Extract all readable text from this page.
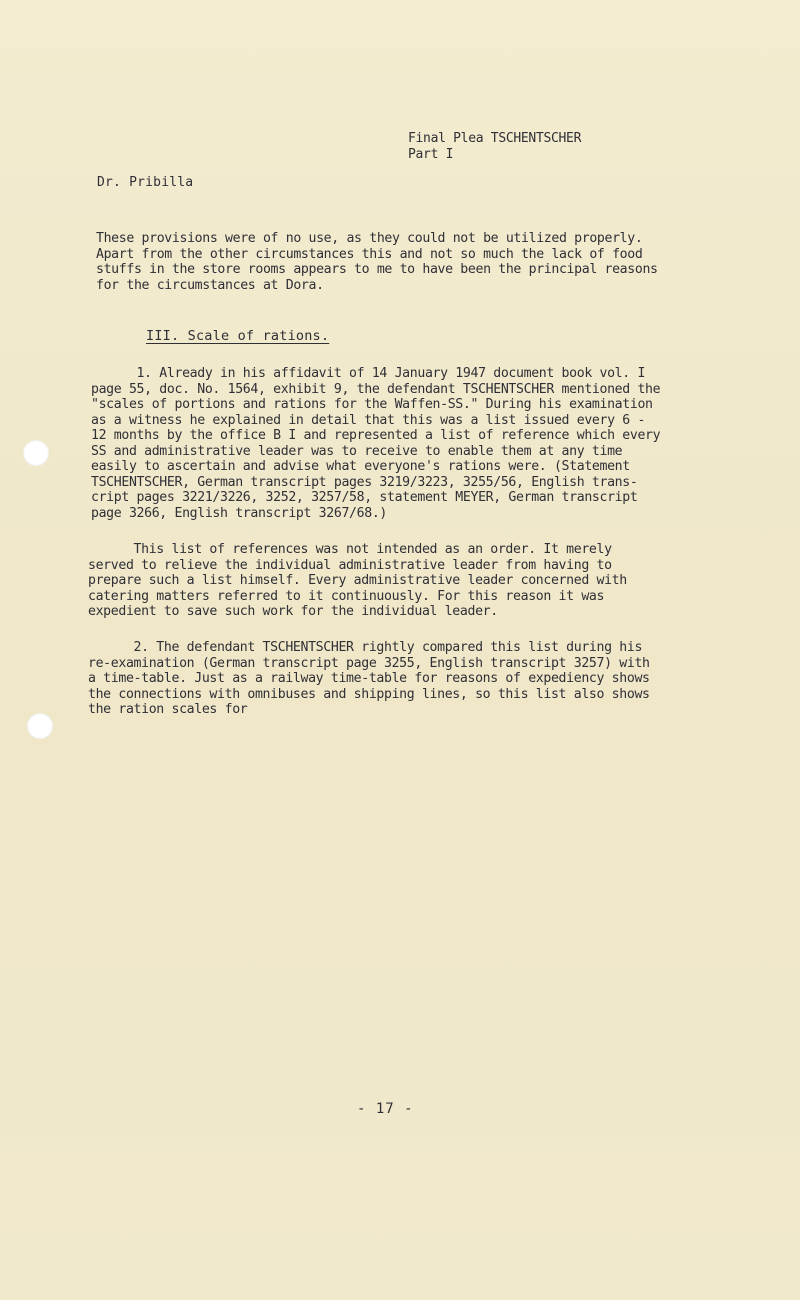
Final Plea TSCHENTSCHER
Part I
Dr. Pribilla
These provisions were of no use, as they could not be utilized properly.
Apart from the other circumstances this and not so much the lack of food
stuffs in the store rooms appears to me to have been the principal reasons
for the circumstances at Dora.
III. Scale of rations.
1. Already in his affidavit of 14 January 1947 document book vol. I
page 55, doc. No. 1564, exhibit 9, the defendant TSCHENTSCHER mentioned the
"scales of portions and rations for the Waffen-SS." During his examination
as a witness he explained in detail that this was a list issued every 6 -
12 months by the office B I and represented a list of reference which every
SS and administrative leader was to receive to enable them at any time
easily to ascertain and advise what everyone's rations were. (Statement
TSCHENTSCHER, German transcript pages 3219/3223, 3255/56, English trans-
cript pages 3221/3226, 3252, 3257/58, statement MEYER, German transcript
page 3266, English transcript 3267/68.)
This list of references was not intended as an order. It merely
served to relieve the individual administrative leader from having to
prepare such a list himself. Every administrative leader concerned with
catering matters referred to it continuously. For this reason it was
expedient to save such work for the individual leader.
2. The defendant TSCHENTSCHER rightly compared this list during his
re-examination (German transcript page 3255, English transcript 3257) with
a time-table. Just as a railway time-table for reasons of expediency shows
the connections with omnibuses and shipping lines, so this list also shows
the ration scales for
- 17 -
